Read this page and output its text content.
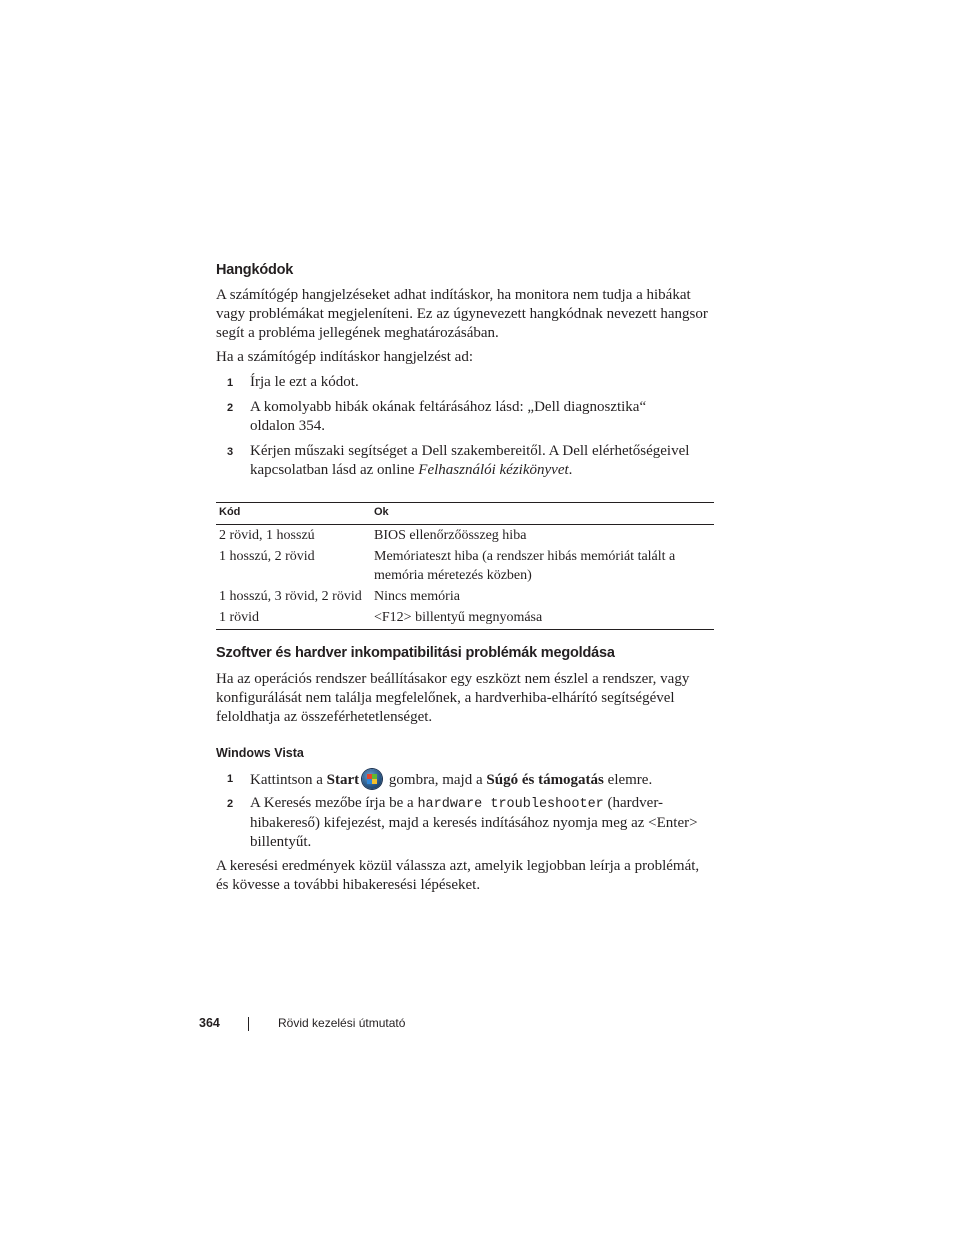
Hangkódok

A számítógép hangjelzéseket adhat indításkor, ha monitora nem tudja a hibákat vagy problémákat megjeleníteni. Ez az úgynevezett hangkódnak nevezett hangsor segít a probléma jellegének meghatározásában.

Ha a számítógép indításkor hangjelzést ad:

1 Írja le ezt a kódot.
2 A komolyabb hibák okának feltárásához lásd: „Dell diagnosztika“ oldalon 354.
3 Kérjen műszaki segítséget a Dell szakembereitől. A Dell elérhetőségeivel kapcsolatban lásd az online Felhasználói kézikönyvet.
Kód	Ok
2 rövid, 1 hosszú	BIOS ellenőrzőösszeg hiba
1 hosszú, 2 rövid	Memóriateszt hiba (a rendszer hibás memóriát talált a memória méretezés közben)
1 hosszú, 3 rövid, 2 rövid	Nincs memória
1 rövid	<F12> billentyű megnyomása
Szoftver és hardver inkompatibilitási problémák megoldása

Ha az operációs rendszer beállításakor egy eszközt nem észlel a rendszer, vagy konfigurálását nem találja megfelelőnek, a hardverhiba-elhárító segítségével feloldhatja az összeférhetetlenséget.

Windows Vista
1 Kattintson a Start
gombra, majd a Súgó és támogatás elemre.
2 A Keresés mezőbe írja be a hardware troubleshooter (hardver-hibakereső) kifejezést, majd a keresés indításához nyomja meg az <Enter> billentyűt.

A keresési eredmények közül válassza azt, amelyik legjobban leírja a problémát, és kövesse a további hibakeresési lépéseket.

364	Rövid kezelési útmutató
